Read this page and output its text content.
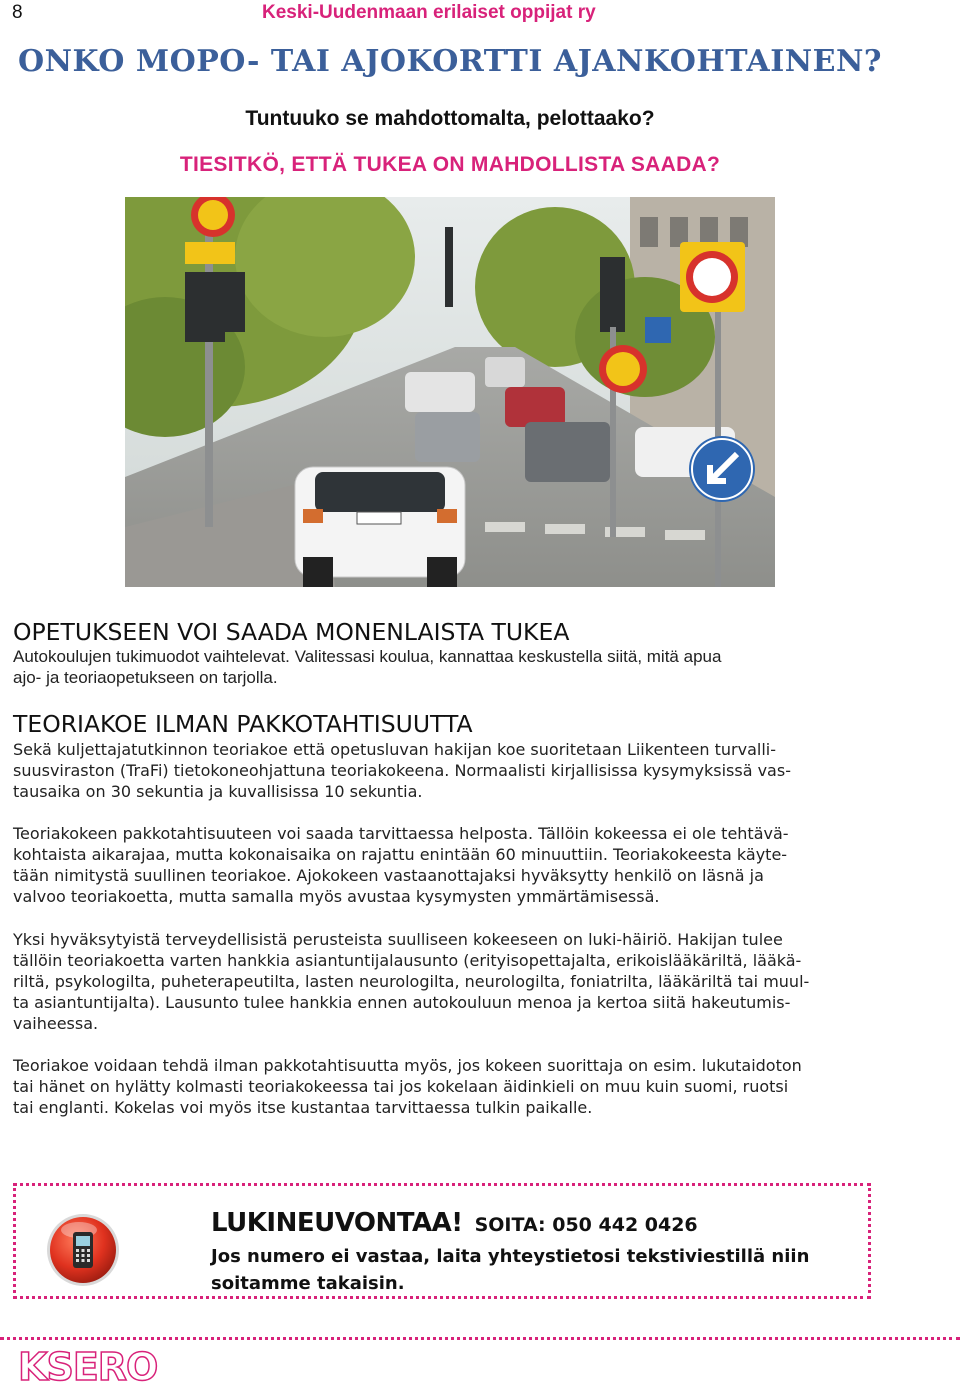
8	Keski-Uudenmaan erilaiset oppijat ry
ONKO MOPO- TAI AJOKORTTI AJANKOHTAINEN?
Tuntuuko se mahdottomalta, pelottaako?
TIESITKÖ, ETTÄ TUKEA ON MAHDOLLISTA SAADA?
OPETUKSEEN VOI SAADA MONENLAISTA TUKEA

Autokoulujen tukimuodot vaihtelevat. Valitessasi koulua, kannattaa keskustella siitä, mitä apua
ajo- ja teoriaopetukseen on tarjolla.

TEORIAKOE ILMAN PAKKOTAHTISUUTTA

Sekä kuljettajatutkinnon teoriakoe että opetusluvan hakijan koe suoritetaan Liikenteen turvalli-
suusviraston (TraFi) tietokoneohjattuna teoriakokeena. Normaalisti kirjallisissa kysymyksissä vas-
tausaika on 30 sekuntia ja kuvallisissa 10 sekuntia.

Teoriakokeen pakkotahtisuuteen voi saada tarvittaessa helposta. Tällöin kokeessa ei ole tehtävä-
kohtaista aikarajaa, mutta kokonaisaika on rajattu enintään 60 minuuttiin. Teoriakokeesta käyte-
tään nimitystä suullinen teoriakoe. Ajokokeen vastaanottajaksi hyväksytty henkilö on läsnä ja
valvoo teoriakoetta, mutta samalla myös avustaa kysymysten ymmärtämisessä.

Yksi hyväksytyistä terveydellisistä perusteista suulliseen kokeeseen on luki-häiriö. Hakijan tulee
tällöin teoriakoetta varten hankkia asiantuntijalausunto (erityisopettajalta, erikoislääkäriltä, lääkä-
riltä, psykologilta, puheterapeutilta, lasten neurologilta, neurologilta, foniatrilta, lääkäriltä tai muul-
ta asiantuntijalta). Lausunto tulee hankkia ennen autokouluun menoa ja kertoa siitä hakeutumis-
vaiheessa.

Teoriakoe voidaan tehdä ilman pakkotahtisuutta myös, jos kokeen suorittaja on esim. lukutaidoton
tai hänet on hylätty kolmasti teoriakokeessa tai jos kokelaan äidinkieli on muu kuin suomi, ruotsi
tai englanti. Kokelas voi myös itse kustantaa tarvittaessa tulkin paikalle.

LUKINEUVONTAA! SOITA: 050 442 0426
Jos numero ei vastaa, laita yhteystietosi tekstiviestillä niin
soitamme takaisin.
KSERO
